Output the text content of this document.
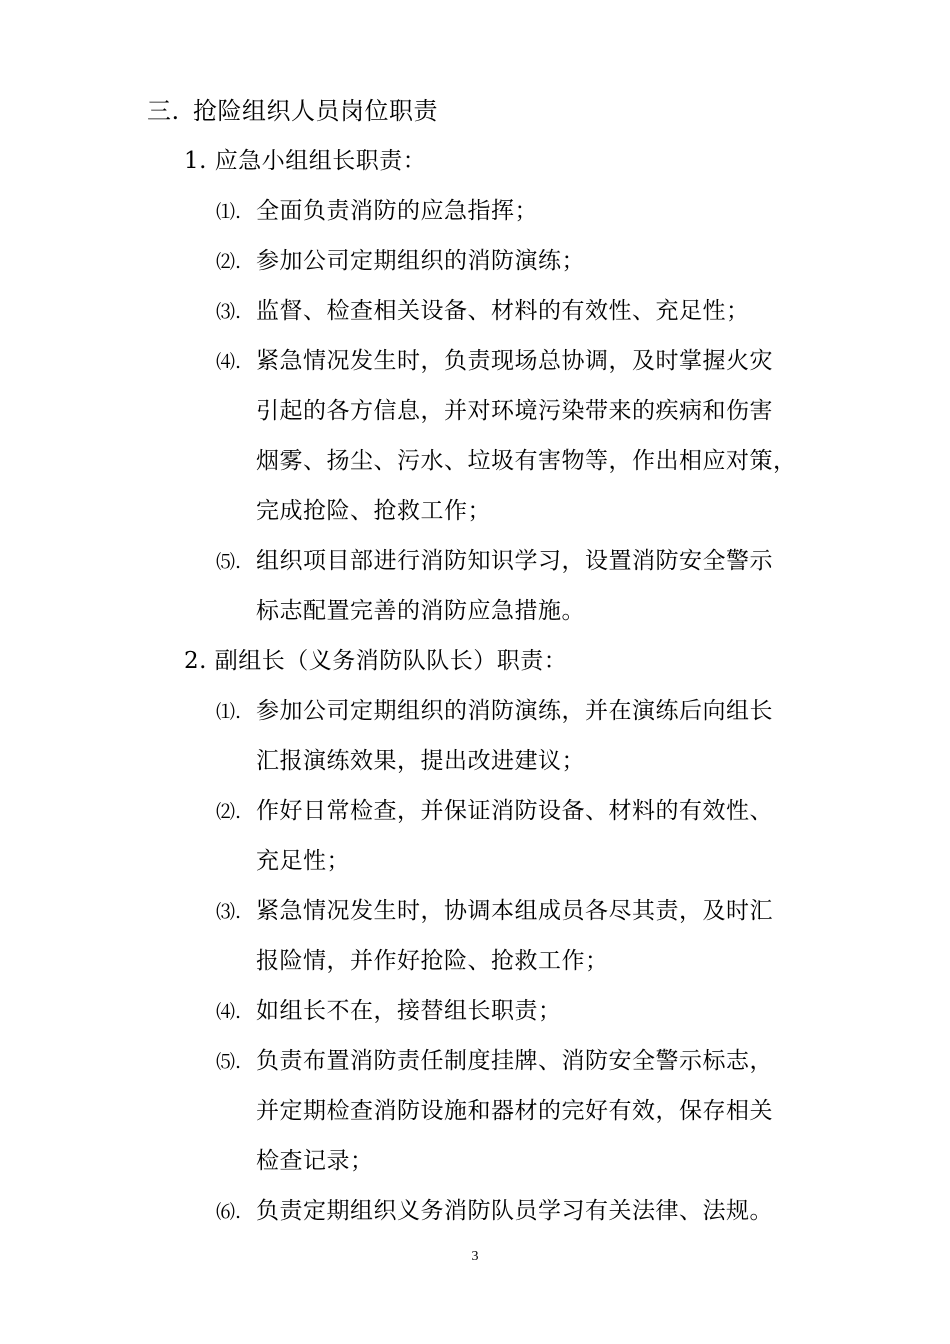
三. 抢险组织人员岗位职责
1. 应急小组组长职责：
⑴. 全面负责消防的应急指挥；
⑵. 参加公司定期组织的消防演练；
⑶. 监督、检查相关设备、材料的有效性、充足性；
⑷. 紧急情况发生时，负责现场总协调，及时掌握火灾
引起的各方信息，并对环境污染带来的疾病和伤害
烟雾、扬尘、污水、垃圾有害物等，作出相应对策，
完成抢险、抢救工作；
⑸. 组织项目部进行消防知识学习，设置消防安全警示
标志配置完善的消防应急措施。
2. 副组长（义务消防队队长）职责：
⑴. 参加公司定期组织的消防演练，并在演练后向组长
汇报演练效果，提出改进建议；
⑵. 作好日常检查，并保证消防设备、材料的有效性、
充足性；
⑶. 紧急情况发生时，协调本组成员各尽其责，及时汇
报险情，并作好抢险、抢救工作；
⑷. 如组长不在，接替组长职责；
⑸. 负责布置消防责任制度挂牌、消防安全警示标志，
并定期检查消防设施和器材的完好有效，保存相关
检查记录；
⑹. 负责定期组织义务消防队员学习有关法律、法规。
3
